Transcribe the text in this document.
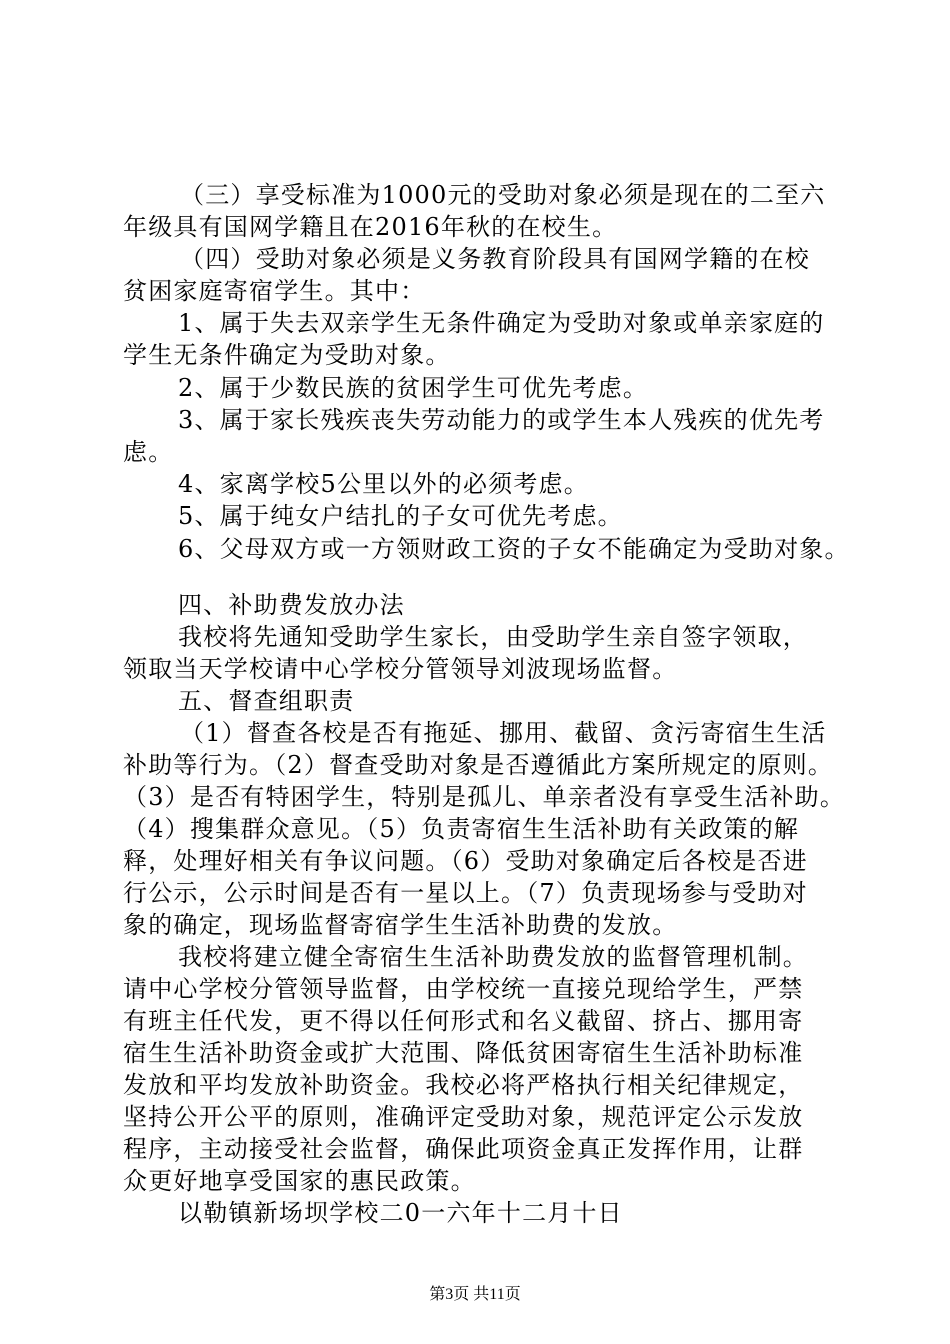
（三）享受标准为1000元的受助对象必须是现在的二至六
年级具有国网学籍且在2016年秋的在校生。
（四）受助对象必须是义务教育阶段具有国网学籍的在校
贫困家庭寄宿学生。其中：
1、属于失去双亲学生无条件确定为受助对象或单亲家庭的
学生无条件确定为受助对象。
2、属于少数民族的贫困学生可优先考虑。
3、属于家长残疾丧失劳动能力的或学生本人残疾的优先考
虑。
4、家离学校5公里以外的必须考虑。
5、属于纯女户结扎的子女可优先考虑。
6、父母双方或一方领财政工资的子女不能确定为受助对象。
四、补助费发放办法
我校将先通知受助学生家长，由受助学生亲自签字领取，
领取当天学校请中心学校分管领导刘波现场监督。
五、督查组职责
（1）督查各校是否有拖延、挪用、截留、贪污寄宿生生活
补助等行为。（2）督查受助对象是否遵循此方案所规定的原则。
（3）是否有特困学生，特别是孤儿、单亲者没有享受生活补助。
（4）搜集群众意见。（5）负责寄宿生生活补助有关政策的解
释，处理好相关有争议问题。（6）受助对象确定后各校是否进
行公示，公示时间是否有一星以上。（7）负责现场参与受助对
象的确定，现场监督寄宿学生生活补助费的发放。
我校将建立健全寄宿生生活补助费发放的监督管理机制。
请中心学校分管领导监督，由学校统一直接兑现给学生，严禁
有班主任代发，更不得以任何形式和名义截留、挤占、挪用寄
宿生生活补助资金或扩大范围、降低贫困寄宿生生活补助标准
发放和平均发放补助资金。我校必将严格执行相关纪律规定，
坚持公开公平的原则，准确评定受助对象，规范评定公示发放
程序，主动接受社会监督，确保此项资金真正发挥作用，让群
众更好地享受国家的惠民政策。
以勒镇新场坝学校二0一六年十二月十日
第3页 共11页
